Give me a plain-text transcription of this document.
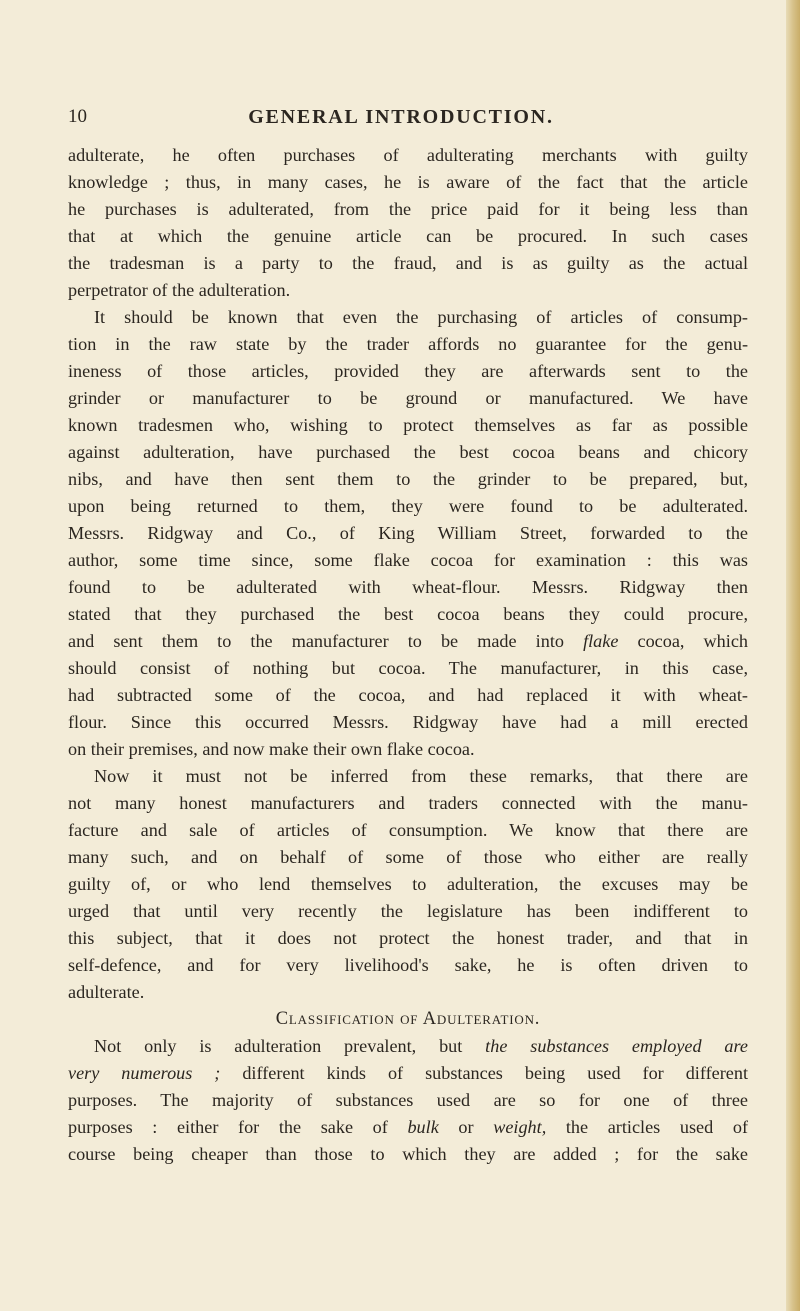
10	GENERAL INTRODUCTION.
adulterate, he often purchases of adulterating merchants with guilty
knowledge ; thus, in many cases, he is aware of the fact that the article
he purchases is adulterated, from the price paid for it being less than
that at which the genuine article can be procured. In such cases
the tradesman is a party to the fraud, and is as guilty as the actual
perpetrator of the adulteration.
It should be known that even the purchasing of articles of consump-
tion in the raw state by the trader affords no guarantee for the genu-
ineness of those articles, provided they are afterwards sent to the
grinder or manufacturer to be ground or manufactured. We have
known tradesmen who, wishing to protect themselves as far as possible
against adulteration, have purchased the best cocoa beans and chicory
nibs, and have then sent them to the grinder to be prepared, but,
upon being returned to them, they were found to be adulterated.
Messrs. Ridgway and Co., of King William Street, forwarded to the
author, some time since, some flake cocoa for examination : this was
found to be adulterated with wheat-flour. Messrs. Ridgway then
stated that they purchased the best cocoa beans they could procure,
and sent them to the manufacturer to be made into flake cocoa, which
should consist of nothing but cocoa. The manufacturer, in this case,
had subtracted some of the cocoa, and had replaced it with wheat-
flour. Since this occurred Messrs. Ridgway have had a mill erected
on their premises, and now make their own flake cocoa.
Now it must not be inferred from these remarks, that there are
not many honest manufacturers and traders connected with the manu-
facture and sale of articles of consumption. We know that there are
many such, and on behalf of some of those who either are really
guilty of, or who lend themselves to adulteration, the excuses may be
urged that until very recently the legislature has been indifferent to
this subject, that it does not protect the honest trader, and that in
self-defence, and for very livelihood's sake, he is often driven to
adulterate.
Classification of Adulteration.
Not only is adulteration prevalent, but the substances employed are
very numerous ; different kinds of substances being used for different
purposes. The majority of substances used are so for one of three
purposes : either for the sake of bulk or weight, the articles used of
course being cheaper than those to which they are added ; for the sake
